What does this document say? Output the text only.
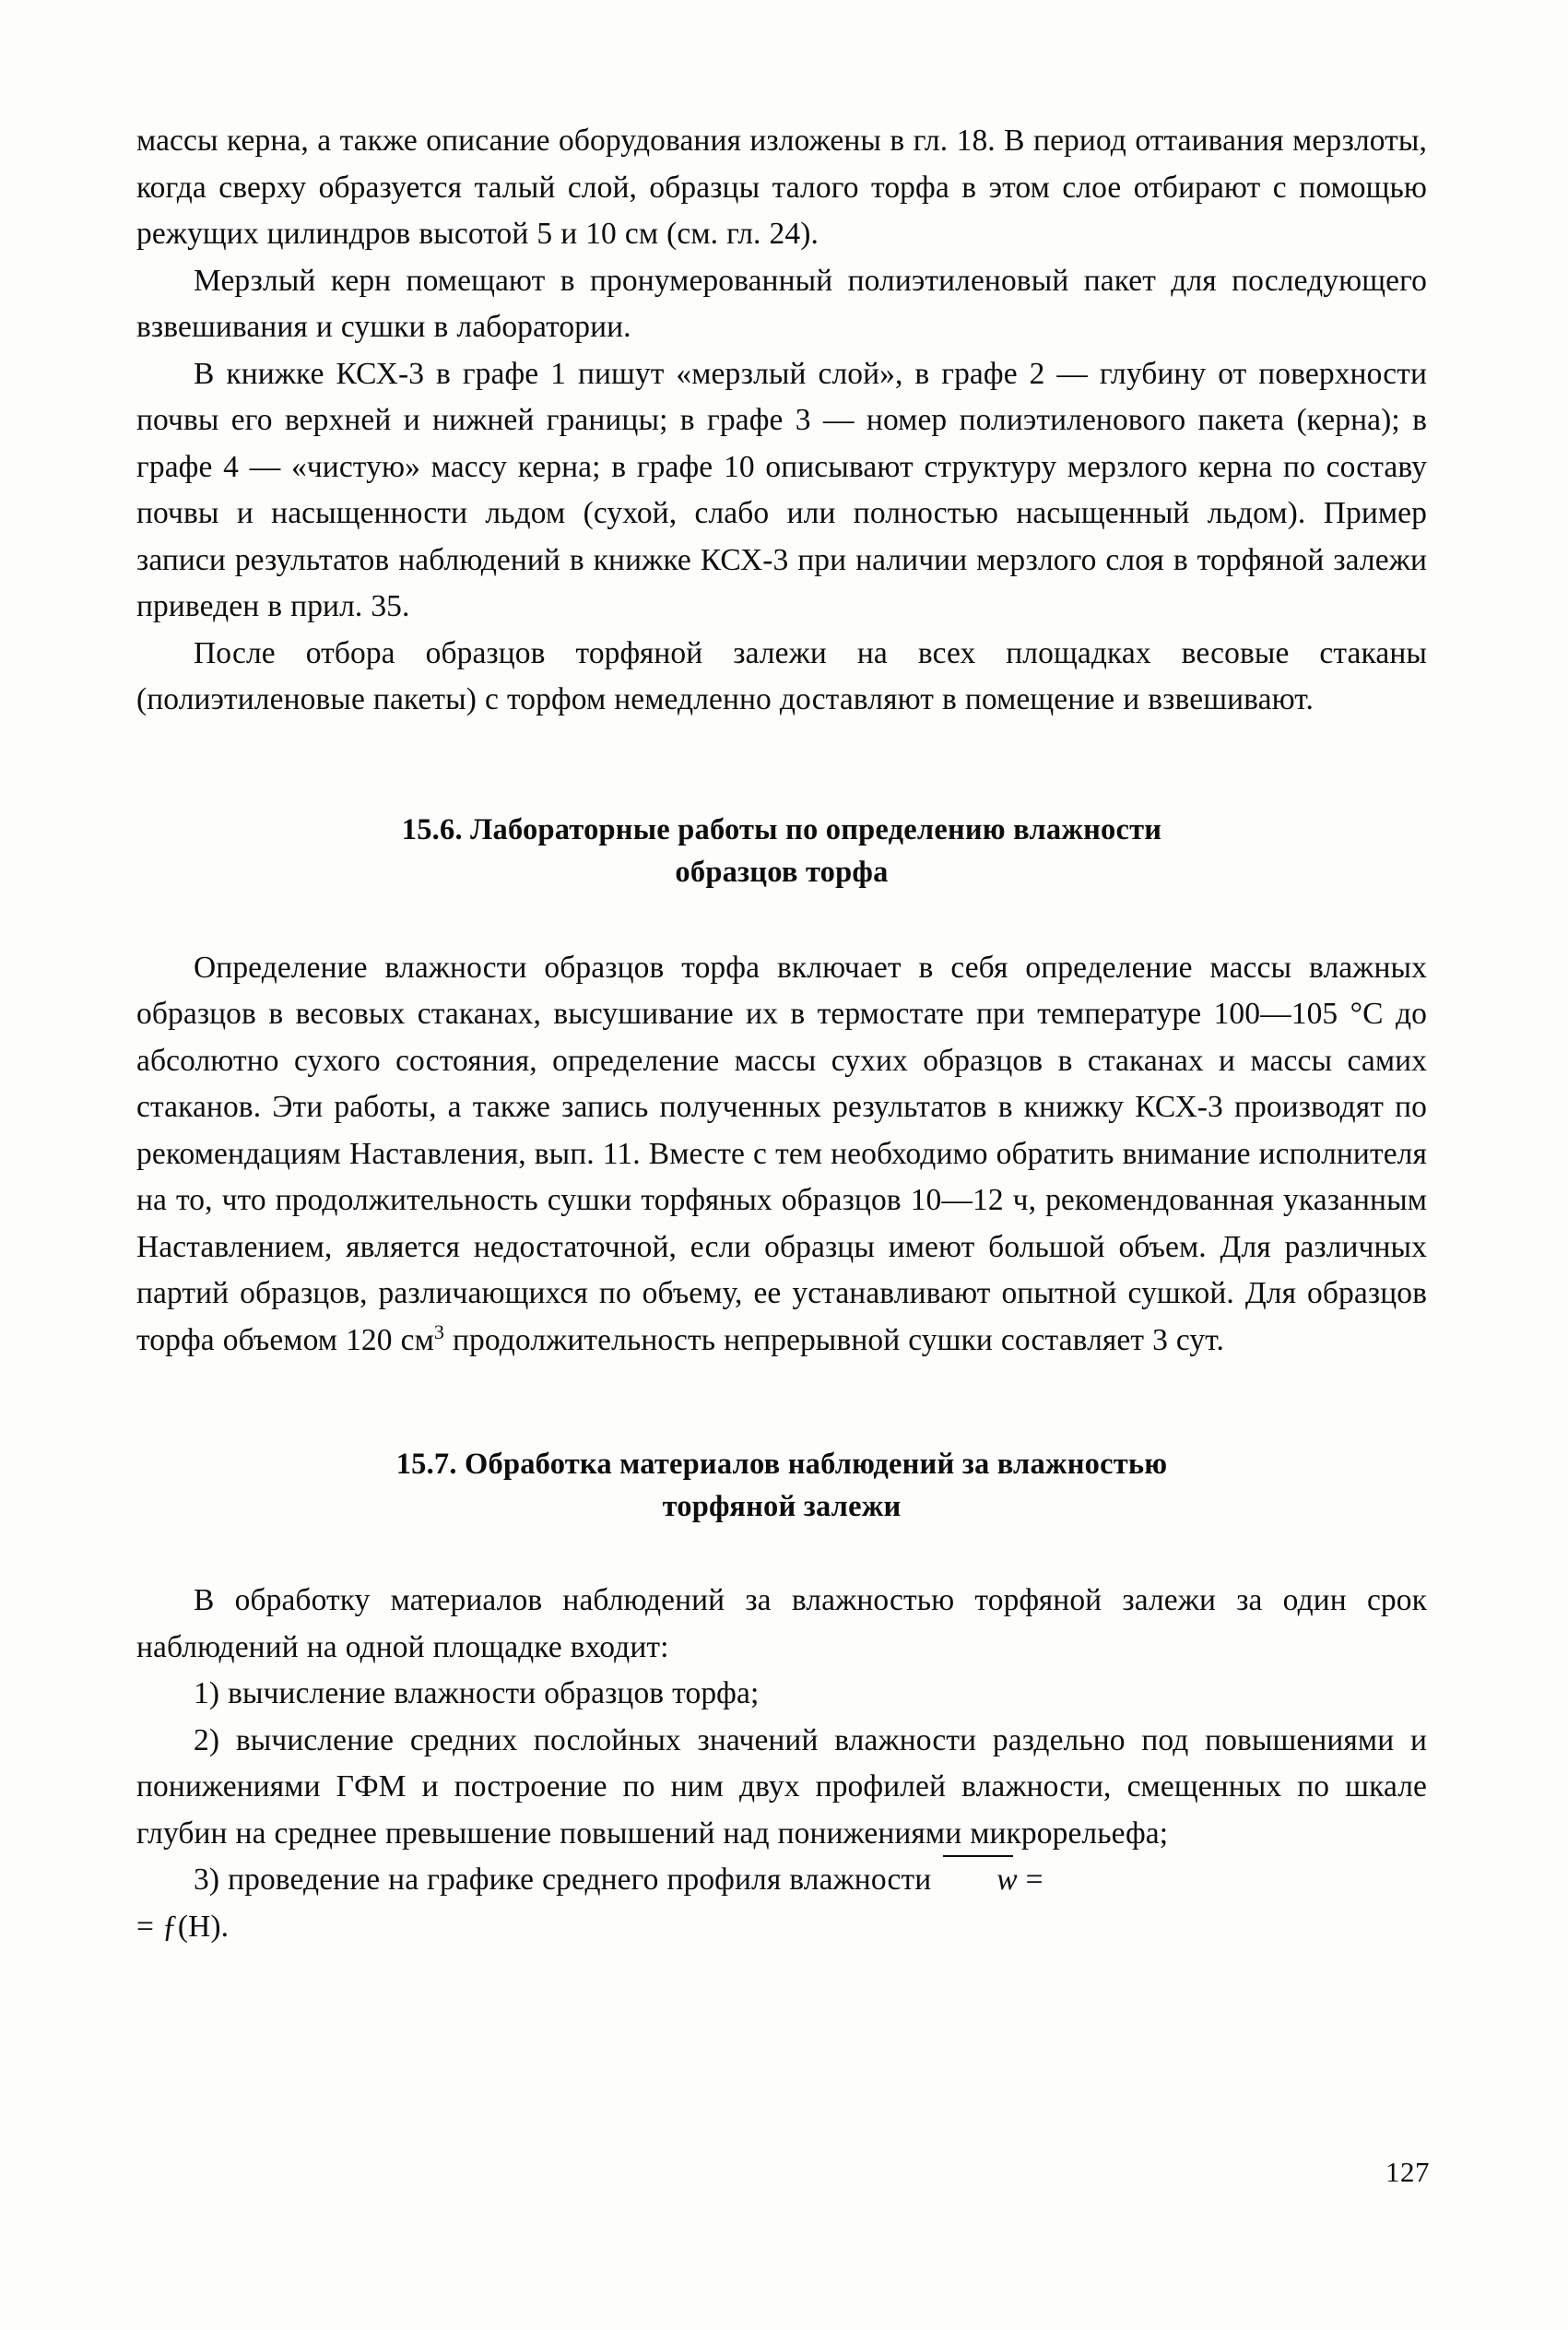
массы керна, а также описание оборудования изложены в гл. 18. В период оттаивания мерзлоты, когда сверху образуется талый слой, образцы талого торфа в этом слое отбирают с помощью режущих цилиндров высотой 5 и 10 см (см. гл. 24).

Мерзлый керн помещают в пронумерованный полиэтиленовый пакет для последующего взвешивания и сушки в лаборатории.

В книжке КСХ-3 в графе 1 пишут «мерзлый слой», в графе 2 — глубину от поверхности почвы его верхней и нижней границы; в графе 3 — номер полиэтиленового пакета (керна); в графе 4 — «чистую» массу керна; в графе 10 описывают структуру мерзлого керна по составу почвы и насыщенности льдом (сухой, слабо или полностью насыщенный льдом). Пример записи результатов наблюдений в книжке КСХ-3 при наличии мерзлого слоя в торфяной залежи приведен в прил. 35.

После отбора образцов торфяной залежи на всех площадках весовые стаканы (полиэтиленовые пакеты) с торфом немедленно доставляют в помещение и взвешивают.

15.6. Лабораторные работы по определению влажности
образцов торфа

Определение влажности образцов торфа включает в себя определение массы влажных образцов в весовых стаканах, высушивание их в термостате при температуре 100—105 °C до абсолютно сухого состояния, определение массы сухих образцов в стаканах и массы самих стаканов. Эти работы, а также запись полученных результатов в книжку КСХ-3 производят по рекомендациям Наставления, вып. 11. Вместе с тем необходимо обратить внимание исполнителя на то, что продолжительность сушки торфяных образцов 10—12 ч, рекомендованная указанным Наставлением, является недостаточной, если образцы имеют большой объем. Для различных партий образцов, различающихся по объему, ее устанавливают опытной сушкой. Для образцов торфа объемом 120 $см^3$ продолжительность непрерывной сушки составляет 3 сут.

15.7. Обработка материалов наблюдений за влажностью
торфяной залежи

В обработку материалов наблюдений за влажностью торфяной залежи за один срок наблюдений на одной площадке входит:

1) вычисление влажности образцов торфа;

2) вычисление средних послойных значений влажности раздельно под повышениями и понижениями ГФМ и построение по ним двух профилей влажности, смещенных по шкале глубин на среднее превышение повышений над понижениями микрорельефа;

3) проведение на графике среднего профиля влажности w =

= ƒ(H).

127
